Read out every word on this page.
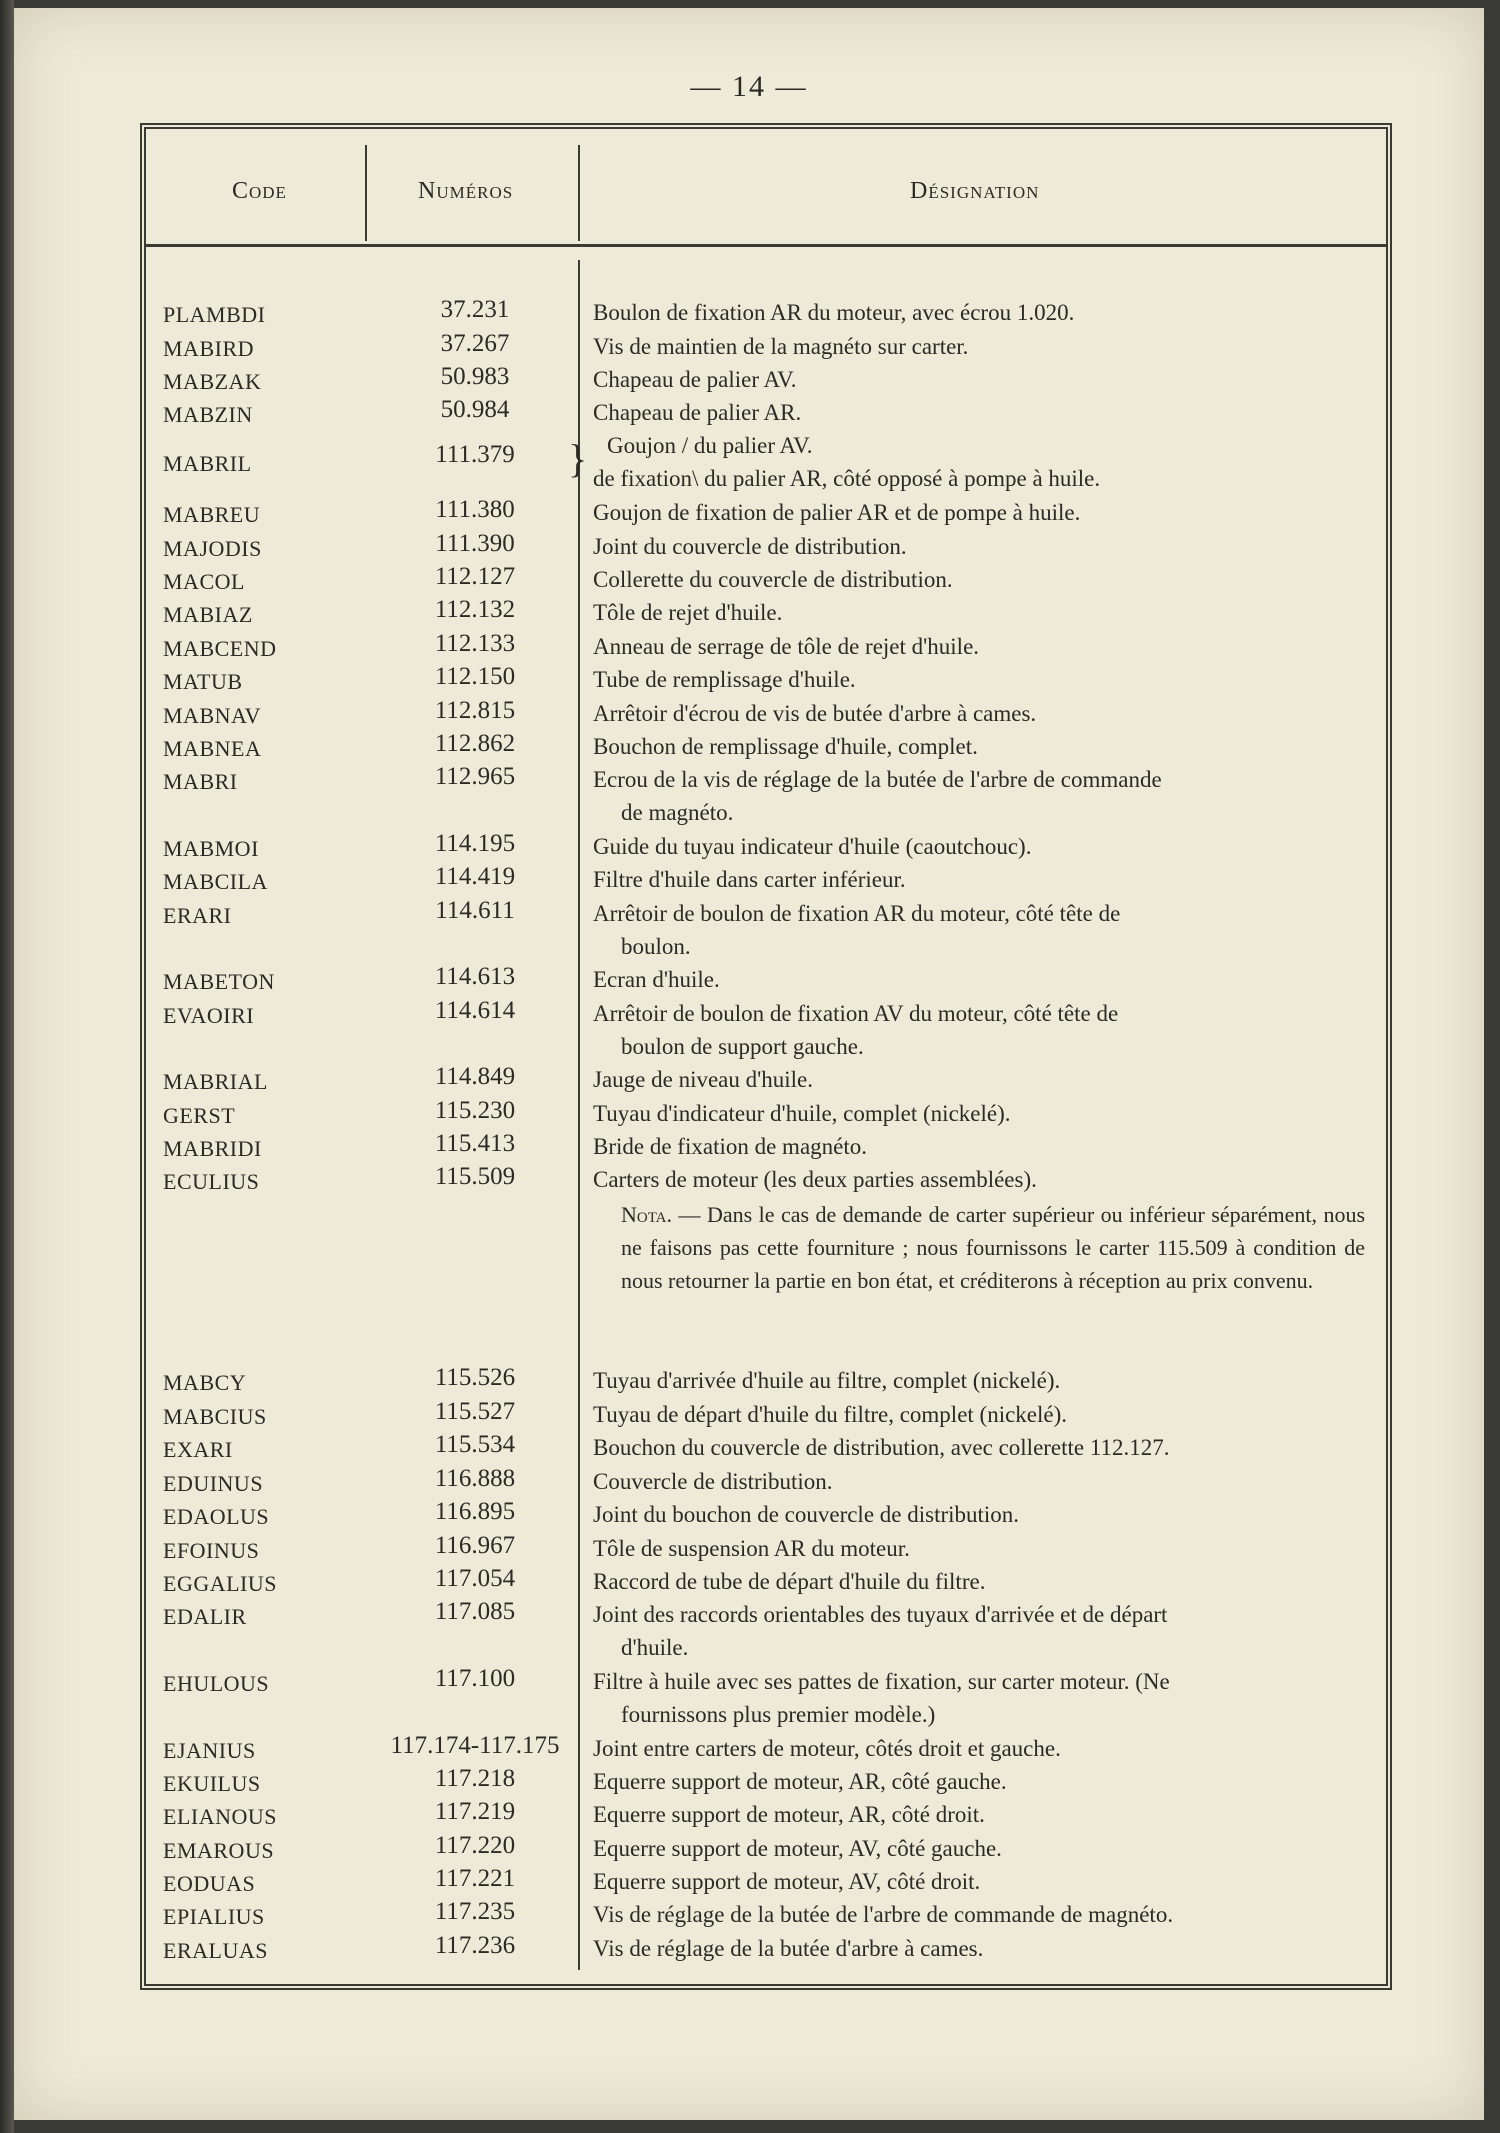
— 14 —
Code	Numéros	Désignation
PLAMBDI	37.231	Boulon de fixation AR du moteur, avec écrou 1.020.
MABIRD	37.267	Vis de maintien de la magnéto sur carter.
MABZAK	50.983	Chapeau de palier AV.
MABZIN	50.984	Chapeau de palier AR.
MABRIL	111.379	Goujon / du palier AV.
de fixation\ du palier AR, côté opposé à pompe à huile.
}
MABREU	111.380	Goujon de fixation de palier AR et de pompe à huile.
MAJODIS	111.390	Joint du couvercle de distribution.
MACOL	112.127	Collerette du couvercle de distribution.
MABIAZ	112.132	Tôle de rejet d'huile.
MABCEND	112.133	Anneau de serrage de tôle de rejet d'huile.
MATUB	112.150	Tube de remplissage d'huile.
MABNAV	112.815	Arrêtoir d'écrou de vis de butée d'arbre à cames.
MABNEA	112.862	Bouchon de remplissage d'huile, complet.
MABRI	112.965	Ecrou de la vis de réglage de la butée de l'arbre de commande
de magnéto.
MABMOI	114.195	Guide du tuyau indicateur d'huile (caoutchouc).
MABCILA	114.419	Filtre d'huile dans carter inférieur.
ERARI	114.611	Arrêtoir de boulon de fixation AR du moteur, côté tête de
boulon.
MABETON	114.613	Ecran d'huile.
EVAOIRI	114.614	Arrêtoir de boulon de fixation AV du moteur, côté tête de
boulon de support gauche.
MABRIAL	114.849	Jauge de niveau d'huile.
GERST	115.230	Tuyau d'indicateur d'huile, complet (nickelé).
MABRIDI	115.413	Bride de fixation de magnéto.
ECULIUS	115.509	Carters de moteur (les deux parties assemblées).
MABCY	115.526	Tuyau d'arrivée d'huile au filtre, complet (nickelé).
MABCIUS	115.527	Tuyau de départ d'huile du filtre, complet (nickelé).
EXARI	115.534	Bouchon du couvercle de distribution, avec collerette 112.127.
EDUINUS	116.888	Couvercle de distribution.
EDAOLUS	116.895	Joint du bouchon de couvercle de distribution.
EFOINUS	116.967	Tôle de suspension AR du moteur.
EGGALIUS	117.054	Raccord de tube de départ d'huile du filtre.
EDALIR	117.085	Joint des raccords orientables des tuyaux d'arrivée et de départ
d'huile.
EHULOUS	117.100	Filtre à huile avec ses pattes de fixation, sur carter moteur. (Ne
fournissons plus premier modèle.)
EJANIUS	117.174-117.175	Joint entre carters de moteur, côtés droit et gauche.
EKUILUS	117.218	Equerre support de moteur, AR, côté gauche.
ELIANOUS	117.219	Equerre support de moteur, AR, côté droit.
EMAROUS	117.220	Equerre support de moteur, AV, côté gauche.
EODUAS	117.221	Equerre support de moteur, AV, côté droit.
EPIALIUS	117.235	Vis de réglage de la butée de l'arbre de commande de magnéto.
ERALUAS	117.236	Vis de réglage de la butée d'arbre à cames.
Nota. — Dans le cas de demande de carter supérieur ou inférieur séparément, nous ne faisons pas cette fourniture ; nous fournissons le carter 115.509 à condition de nous retourner la partie en bon état, et créditerons à réception au prix convenu.
